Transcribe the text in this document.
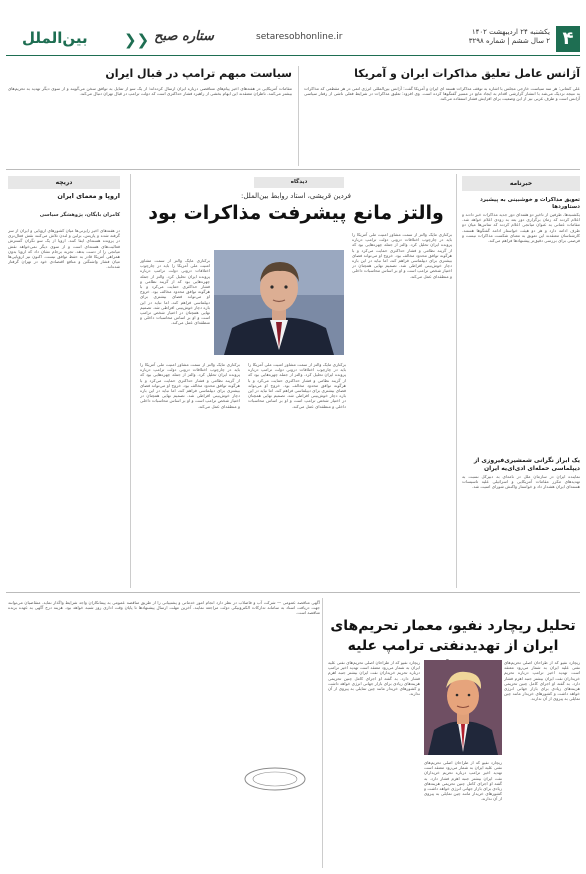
۴
یکشنبه ۲۴ اردیبهشت ۱۴۰۲
۲ سال ششم | شماره ۳۲۹۸
setaresobhonline.ir
ستاره صبح
❮❮
بین‌الملل
آژانس عامل تعلیق مذاکرات ایران و آمریکا
علی کنعانی: هر سه سیاست خارجی مجلس با اشاره به توقف مذاکرات هسته ای ایران و آمریکا گفت: آژانس بین‌المللی انرژی اتمی در هر مقطعی که مذاکرات به نتیجه نزدیک می‌شد با انتشار گزارشی اقدام به ایجاد مانع در مسیر گفتگوها کرده است. وی افزود: تعلیق مذاکرات در شرایط فعلی ناشی از رفتار سیاسی آژانس است و طرف غربی نیز از این وضعیت برای افزایش فشار استفاده می‌کند.
سیاست مبهم ترامپ در قبال ایران
مقامات آمریکایی در هفته‌های اخیر پیام‌های متناقضی درباره ایران ارسال کرده‌اند؛ از یک سو از تمایل به توافق سخن می‌گویند و از سوی دیگر تهدید به تحریم‌های بیشتر می‌کنند. ناظران معتقدند این ابهام بخشی از راهبرد فشار حداکثری است که دولت ترامپ در قبال تهران دنبال می‌کند.
دریچه
اروپا و معمای ایران
کامران بایگان، پژوهشگر سیاسی
در هفته‌های اخیر رایزنی‌ها میان کشورهای اروپایی و ایران از سر گرفته شده و پاریس، برلین و لندن تلاش می‌کنند نقش فعال‌تری در پرونده هسته‌ای ایفا کنند. اروپا از یک سو نگران گسترش فعالیت‌های هسته‌ای است و از سوی دیگر نمی‌خواهد نقش میانجی را از دست بدهد. تجربه برجام نشان داد که اروپا بدون همراهی آمریکا قادر به حفظ توافق نیست. اکنون نیز اروپایی‌ها میان فشار واشنگتن و منافع اقتصادی خود در تهران گرفتار شده‌اند.
دیدگاه
فردین قریشی، استاد روابط بین‌الملل:
والتز مانع پیشرفت مذاکرات بود
برکناری مایک والتز از سمت مشاور امنیت ملی آمریکا را باید در چارچوب اختلافات درونی دولت ترامپ درباره پرونده ایران تحلیل کرد. والتز از جمله چهره‌هایی بود که از گزینه نظامی و فشار حداکثری حمایت می‌کرد و با هرگونه توافق محدود مخالف بود. خروج او می‌تواند فضای بیشتری برای دیپلماسی فراهم کند، اما نباید در این باره دچار خوش‌بینی افراطی شد. تصمیم نهایی همچنان در اختیار شخص ترامپ است و او بر اساس محاسبات داخلی و منطقه‌ای عمل می‌کند.
برکناری مایک والتز از سمت مشاور امنیت ملی آمریکا را باید در چارچوب اختلافات درونی دولت ترامپ درباره پرونده ایران تحلیل کرد. والتز از جمله چهره‌هایی بود که از گزینه نظامی و فشار حداکثری حمایت می‌کرد و با هرگونه توافق محدود مخالف بود. خروج او می‌تواند فضای بیشتری برای دیپلماسی فراهم کند، اما نباید در این باره دچار خوش‌بینی افراطی شد. تصمیم نهایی همچنان در اختیار شخص ترامپ است و او بر اساس محاسبات داخلی و منطقه‌ای عمل می‌کند.
برکناری مایک والتز از سمت مشاور امنیت ملی آمریکا را باید در چارچوب اختلافات درونی دولت ترامپ درباره پرونده ایران تحلیل کرد. والتز از جمله چهره‌هایی بود که از گزینه نظامی و فشار حداکثری حمایت می‌کرد و با هرگونه توافق محدود مخالف بود. خروج او می‌تواند فضای بیشتری برای دیپلماسی فراهم کند، اما نباید در این باره دچار خوش‌بینی افراطی شد. تصمیم نهایی همچنان در اختیار شخص ترامپ است و او بر اساس محاسبات داخلی و منطقه‌ای عمل می‌کند.
برکناری مایک والتز از سمت مشاور امنیت ملی آمریکا را باید در چارچوب اختلافات درونی دولت ترامپ درباره پرونده ایران تحلیل کرد. والتز از جمله چهره‌هایی بود که از گزینه نظامی و فشار حداکثری حمایت می‌کرد و با هرگونه توافق محدود مخالف بود. خروج او می‌تواند فضای بیشتری برای دیپلماسی فراهم کند، اما نباید در این باره دچار خوش‌بینی افراطی شد. تصمیم نهایی همچنان در اختیار شخص ترامپ است و او بر اساس محاسبات داخلی و منطقه‌ای عمل می‌کند.
خبرنامه
تعویق مذاکرات و خوشبینی به پیشبرد دستاوردها
یکشنبه‌ها، طرفین از تاخیر دو هفته‌ای دور جدید مذاکرات خبر دادند و اعلام کردند که زمان برگزاری دور بعد به زودی اعلام خواهد شد. مقامات عمانی به عنوان میانجی اعلام کردند که تماس‌ها میان دو طرف ادامه دارد و هر دو هیئت خواستار ادامه گفتگوها هستند. کارشناسان معتقدند این تعویق به معنای شکست مذاکرات نیست و فرصتی برای بررسی دقیق‌تر پیشنهادها فراهم می‌کند.
یک ابراز نگرانی شمشیری‌فیروزی از دیپلماسی حمله‌ای ادی‌ای‌یه ایران
نماینده ایران در سازمان ملل در نامه‌ای به دبیرکل نسبت به تهدیدهای مکرر مقامات آمریکایی و اسرائیلی علیه تاسیسات هسته‌ای ایران هشدار داد و خواستار واکنش شورای امنیت شد.
آگهی مناقصه عمومی — شرکت آب و فاضلاب در نظر دارد انجام امور خدماتی و پشتیبانی را از طریق مناقصه عمومی به پیمانکاران واجد شرایط واگذار نماید. متقاضیان می‌توانند جهت دریافت اسناد به سامانه تدارکات الکترونیکی دولت مراجعه نمایند. آخرین مهلت ارسال پیشنهادها تا پایان وقت اداری روز شنبه خواهد بود. هزینه درج آگهی به عهده برنده مناقصه است.
تحلیل ریچارد نفیو، معمار تحریم‌های ایران از تهدیدنفتی ترامپ علیه
ریچارد نفیو که از طراحان اصلی تحریم‌های نفتی علیه ایران به شمار می‌رود معتقد است تهدید اخیر ترامپ درباره تحریم خریداران نفت ایران بیشتر جنبه اهرم فشار دارد. به گفته او اجرای کامل چنین تحریمی هزینه‌های زیادی برای بازار جهانی انرژی خواهد داشت و کشورهای خریدار مانند چین تمایلی به پیروی از آن ندارند.
ریچارد نفیو که از طراحان اصلی تحریم‌های نفتی علیه ایران به شمار می‌رود معتقد است تهدید اخیر ترامپ درباره تحریم خریداران نفت ایران بیشتر جنبه اهرم فشار دارد. به گفته او اجرای کامل چنین تحریمی هزینه‌های زیادی برای بازار جهانی انرژی خواهد داشت و کشورهای خریدار مانند چین تمایلی به پیروی از آن ندارند.
ریچارد نفیو که از طراحان اصلی تحریم‌های نفتی علیه ایران به شمار می‌رود معتقد است تهدید اخیر ترامپ درباره تحریم خریداران نفت ایران بیشتر جنبه اهرم فشار دارد. به گفته او اجرای کامل چنین تحریمی هزینه‌های زیادی برای بازار جهانی انرژی خواهد داشت و کشورهای خریدار مانند چین تمایلی به پیروی از آن ندارند.
